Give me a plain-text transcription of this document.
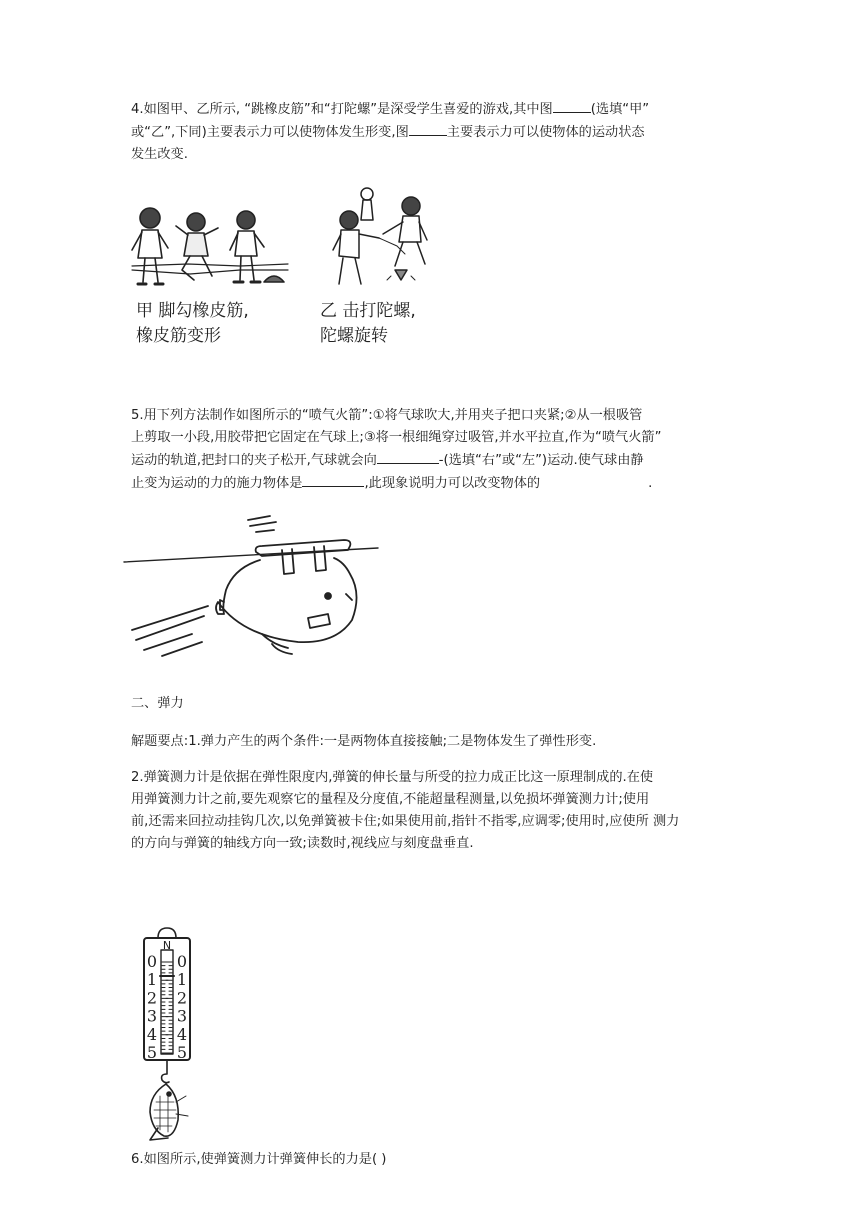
4.如图甲、乙所示, “跳橡皮筋”和“打陀螺”是深受学生喜爱的游戏,其中图	(选填“甲”
或“乙”,下同)主要表示力可以使物体发生形变,图	主要表示力可以使物体的运动状态
发生改变.
甲 脚勾橡皮筋,
橡皮筋变形
乙 击打陀螺,
陀螺旋转
5.用下列方法制作如图所示的“喷气火箭”:①将气球吹大,并用夹子把口夹紧;②从一根吸管
上剪取一小段,用胶带把它固定在气球上;③将一根细绳穿过吸管,并水平拉直,作为“喷气火箭”
运动的轨道,把封口的夹子松开,气球就会向	-(选填“右”或“左”)运动.使气球由静
止变为运动的力的施力物体是	,此现象说明力可以改变物体的	.
二、弹力
解题要点:1.弹力产生的两个条件:一是两物体直接接触;二是物体发生了弹性形变.
2.弹簧测力计是依据在弹性限度内,弹簧的伸长量与所受的拉力成正比这一原理制成的.在使
用弹簧测力计之前,要先观察它的量程及分度值,不能超量程测量,以免损坏弹簧测力计;使用
前,还需来回拉动挂钩几次,以免弹簧被卡住;如果使用前,指针不指零,应调零;使用时,应使所 测力
的方向与弹簧的轴线方向一致;读数时,视线应与刻度盘垂直.
N
0
1
2
3
4
5
0
1
2
3
4
5
6.如图所示,使弹簧测力计弹簧伸长的力是( )
